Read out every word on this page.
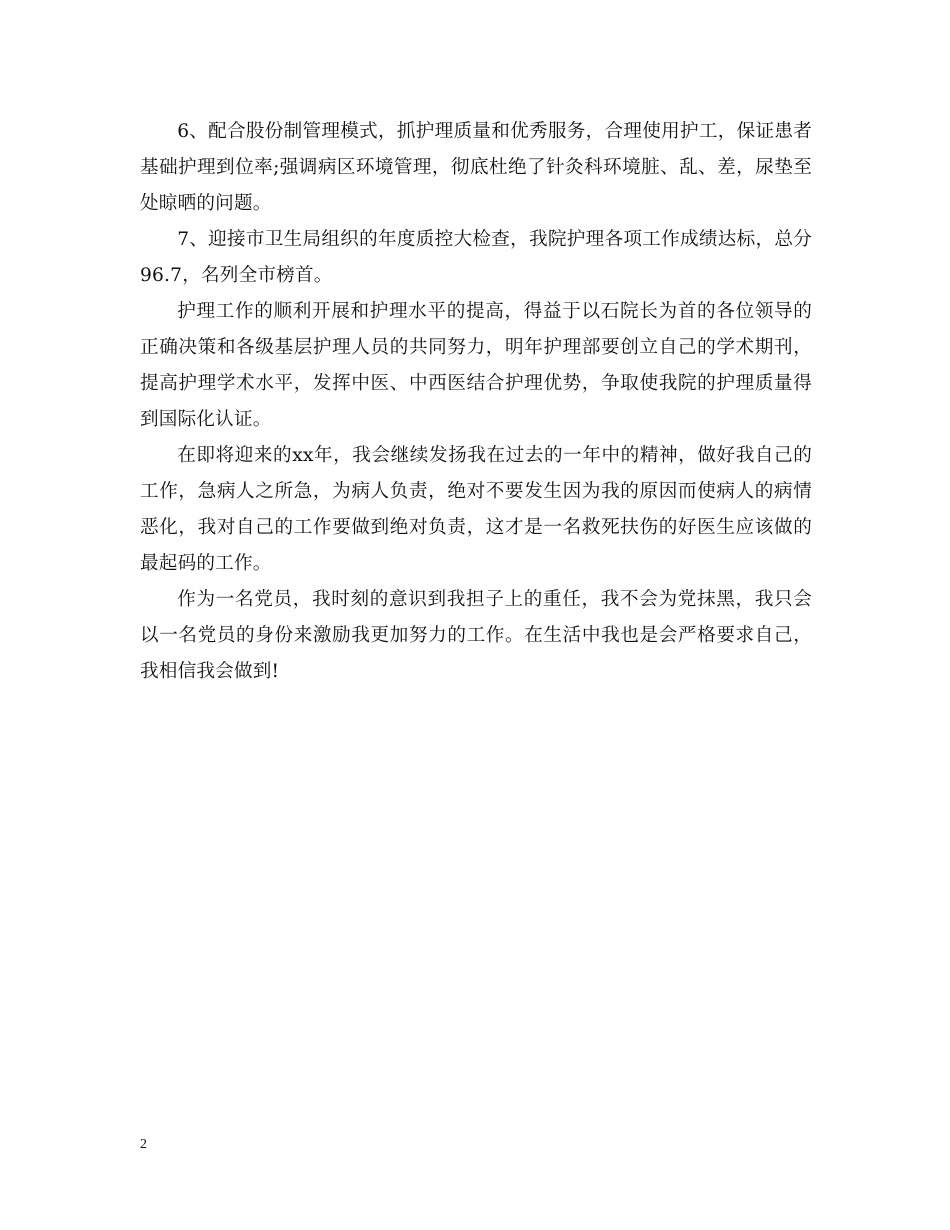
6、配合股份制管理模式，抓护理质量和优秀服务，合理使用护工，保证患者基础护理到位率;强调病区环境管理，彻底杜绝了针灸科环境脏、乱、差，尿垫至处晾晒的问题。

7、迎接市卫生局组织的年度质控大检查，我院护理各项工作成绩达标，总分96.7，名列全市榜首。

护理工作的顺利开展和护理水平的提高，得益于以石院长为首的各位领导的正确决策和各级基层护理人员的共同努力，明年护理部要创立自己的学术期刊，提高护理学术水平，发挥中医、中西医结合护理优势，争取使我院的护理质量得到国际化认证。

在即将迎来的xx年，我会继续发扬我在过去的一年中的精神，做好我自己的工作，急病人之所急，为病人负责，绝对不要发生因为我的原因而使病人的病情恶化，我对自己的工作要做到绝对负责，这才是一名救死扶伤的好医生应该做的最起码的工作。

作为一名党员，我时刻的意识到我担子上的重任，我不会为党抹黑，我只会以一名党员的身份来激励我更加努力的工作。在生活中我也是会严格要求自己，我相信我会做到!

2
